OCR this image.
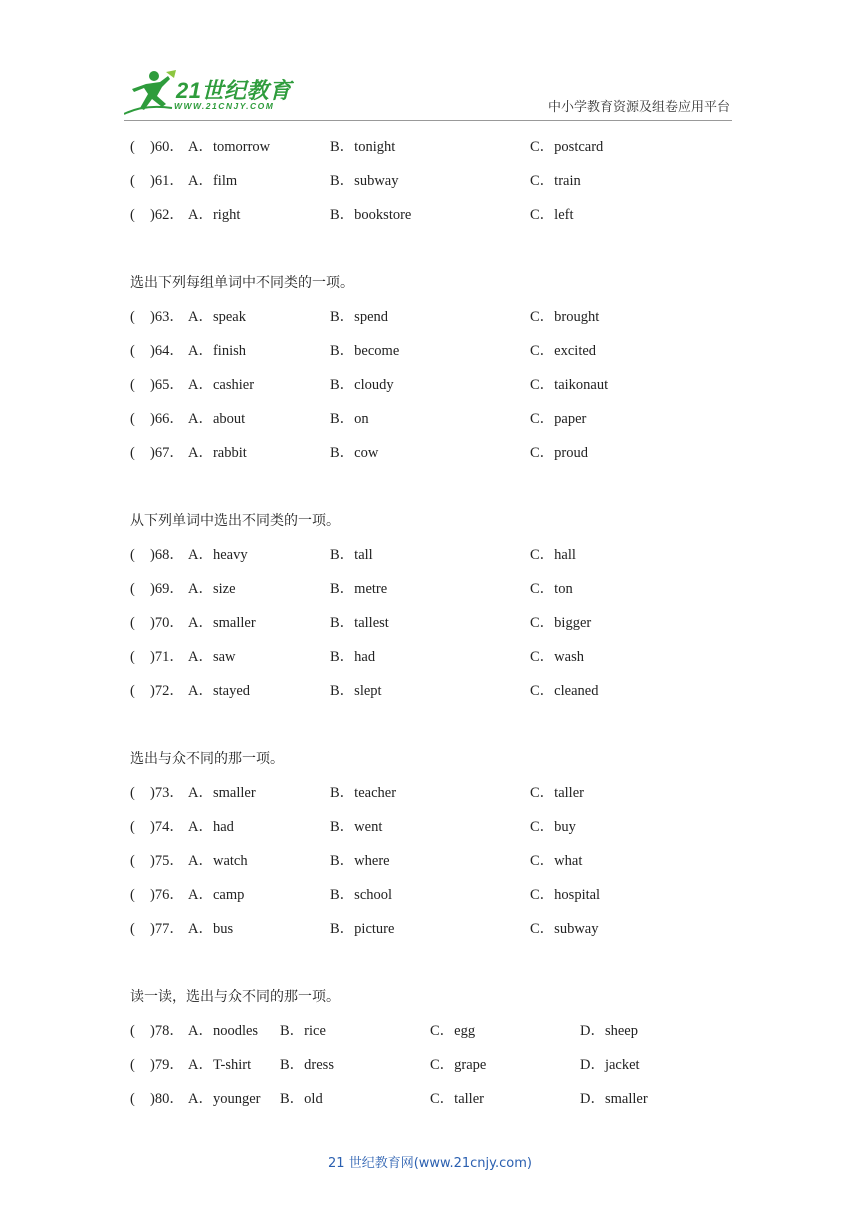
21世纪教育
WWW.21CNJY.COM	中小学教育资源及组卷应用平台
( )60． A．tomorrow	B．tonight	C．postcard
( )61． A．film	B．subway	C．train
( )62． A．right	B．bookstore	C．left
选出下列每组单词中不同类的一项。
( )63． A．speak	B．spend	C．brought
( )64． A．finish	B．become	C．excited
( )65． A．cashier	B．cloudy	C．taikonaut
( )66． A．about	B．on	C．paper
( )67． A．rabbit	B．cow	C．proud
从下列单词中选出不同类的一项。
( )68． A．heavy	B．tall	C．hall
( )69． A．size	B．metre	C．ton
( )70． A．smaller	B．tallest	C．bigger
( )71． A．saw	B．had	C．wash
( )72． A．stayed	B．slept	C．cleaned
选出与众不同的那一项。
( )73． A．smaller	B．teacher	C．taller
( )74． A．had	B．went	C．buy
( )75． A．watch	B．where	C．what
( )76． A．camp	B．school	C．hospital
( )77． A．bus	B．picture	C．subway
读一读，选出与众不同的那一项。
( )78． A．noodles B．rice	C．egg	D．sheep
( )79． A．T-shirt B．dress	C．grape	D．jacket
( )80． A．younger B．old	C．taller	D．smaller
21 世纪教育网(www.21cnjy.com)
